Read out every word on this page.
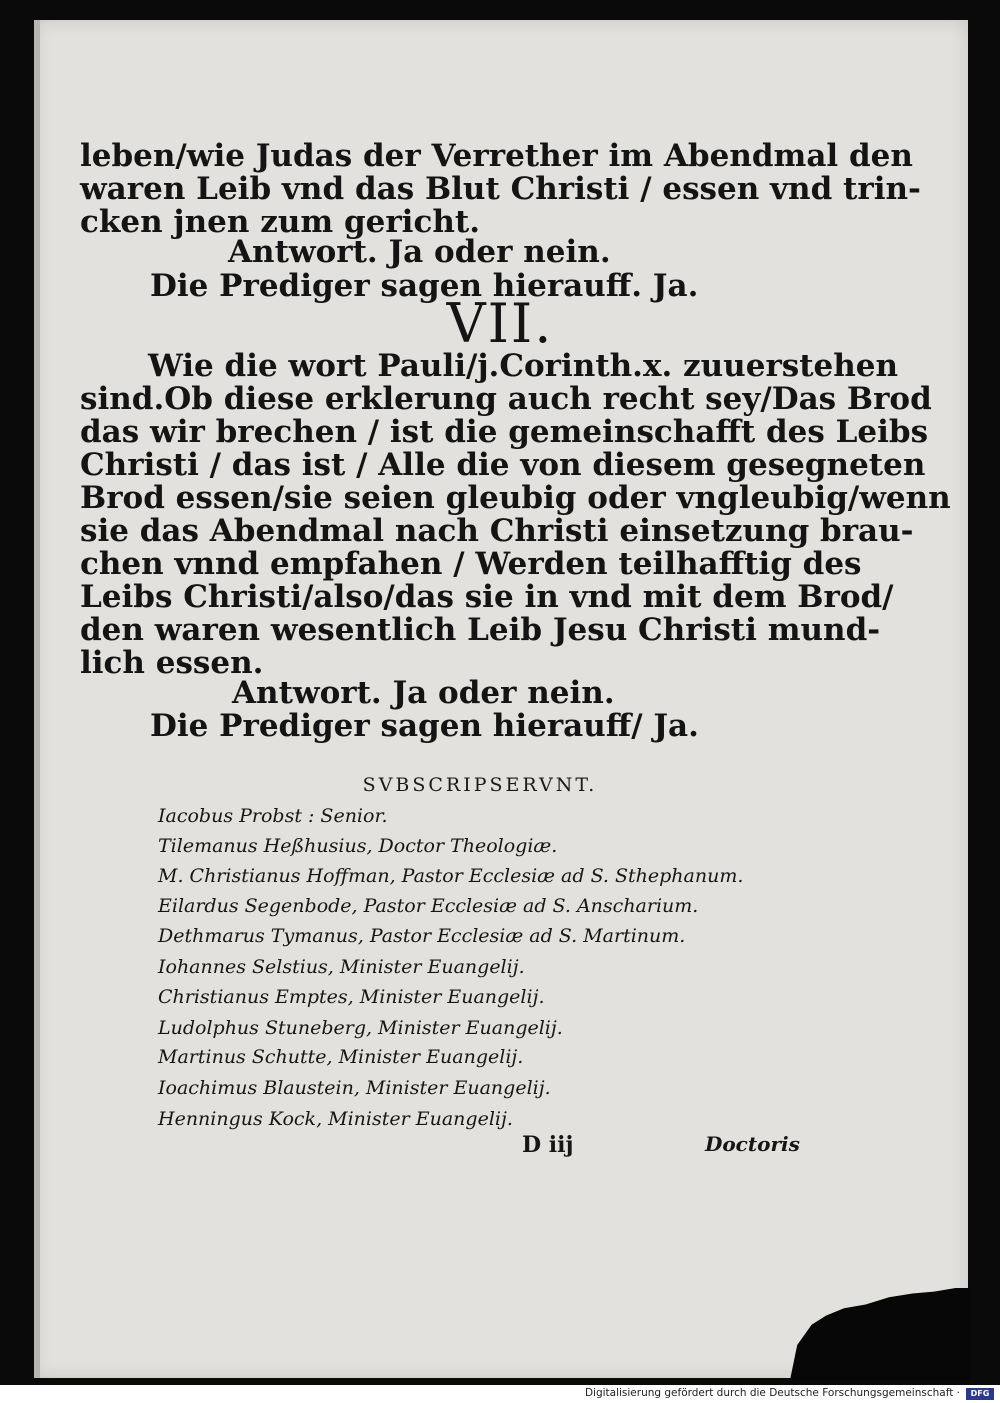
leben/wie Judas der Verrether im Abendmal den
waren Leib vnd das Blut Christi / essen vnd trin-
cken jnen zum gericht.
Antwort. Ja oder nein.
Die Prediger sagen hierauff. Ja.
VII.
Wie die wort Pauli/j.Corinth.x. zuuerstehen
sind.Ob diese erklerung auch recht sey/Das Brod
das wir brechen / ist die gemeinschafft des Leibs
Christi / das ist / Alle die von diesem gesegneten
Brod essen/sie seien gleubig oder vngleubig/wenn
sie das Abendmal nach Christi einsetzung brau-
chen vnnd empfahen / Werden teilhafftig des
Leibs Christi/also/das sie in vnd mit dem Brod/
den waren wesentlich Leib Jesu Christi mund-
lich essen.
Antwort. Ja oder nein.
Die Prediger sagen hierauff/ Ja.
SVBSCRIPSERVNT.
Iacobus Probst : Senior.
Tilemanus Heßhusius, Doctor Theologiæ.
M. Christianus Hoffman, Pastor Ecclesiæ ad S. Sthephanum.
Eilardus Segenbode, Pastor Ecclesiæ ad S. Anscharium.
Dethmarus Tymanus, Pastor Ecclesiæ ad S. Martinum.
Iohannes Selstius, Minister Euangelij.
Christianus Emptes, Minister Euangelij.
Ludolphus Stuneberg, Minister Euangelij.
Martinus Schutte, Minister Euangelij.
Ioachimus Blaustein, Minister Euangelij.
Henningus Kock, Minister Euangelij.
D iij	Doctoris
Digitalisierung gefördert durch die Deutsche Forschungsgemeinschaft ·	DFG
